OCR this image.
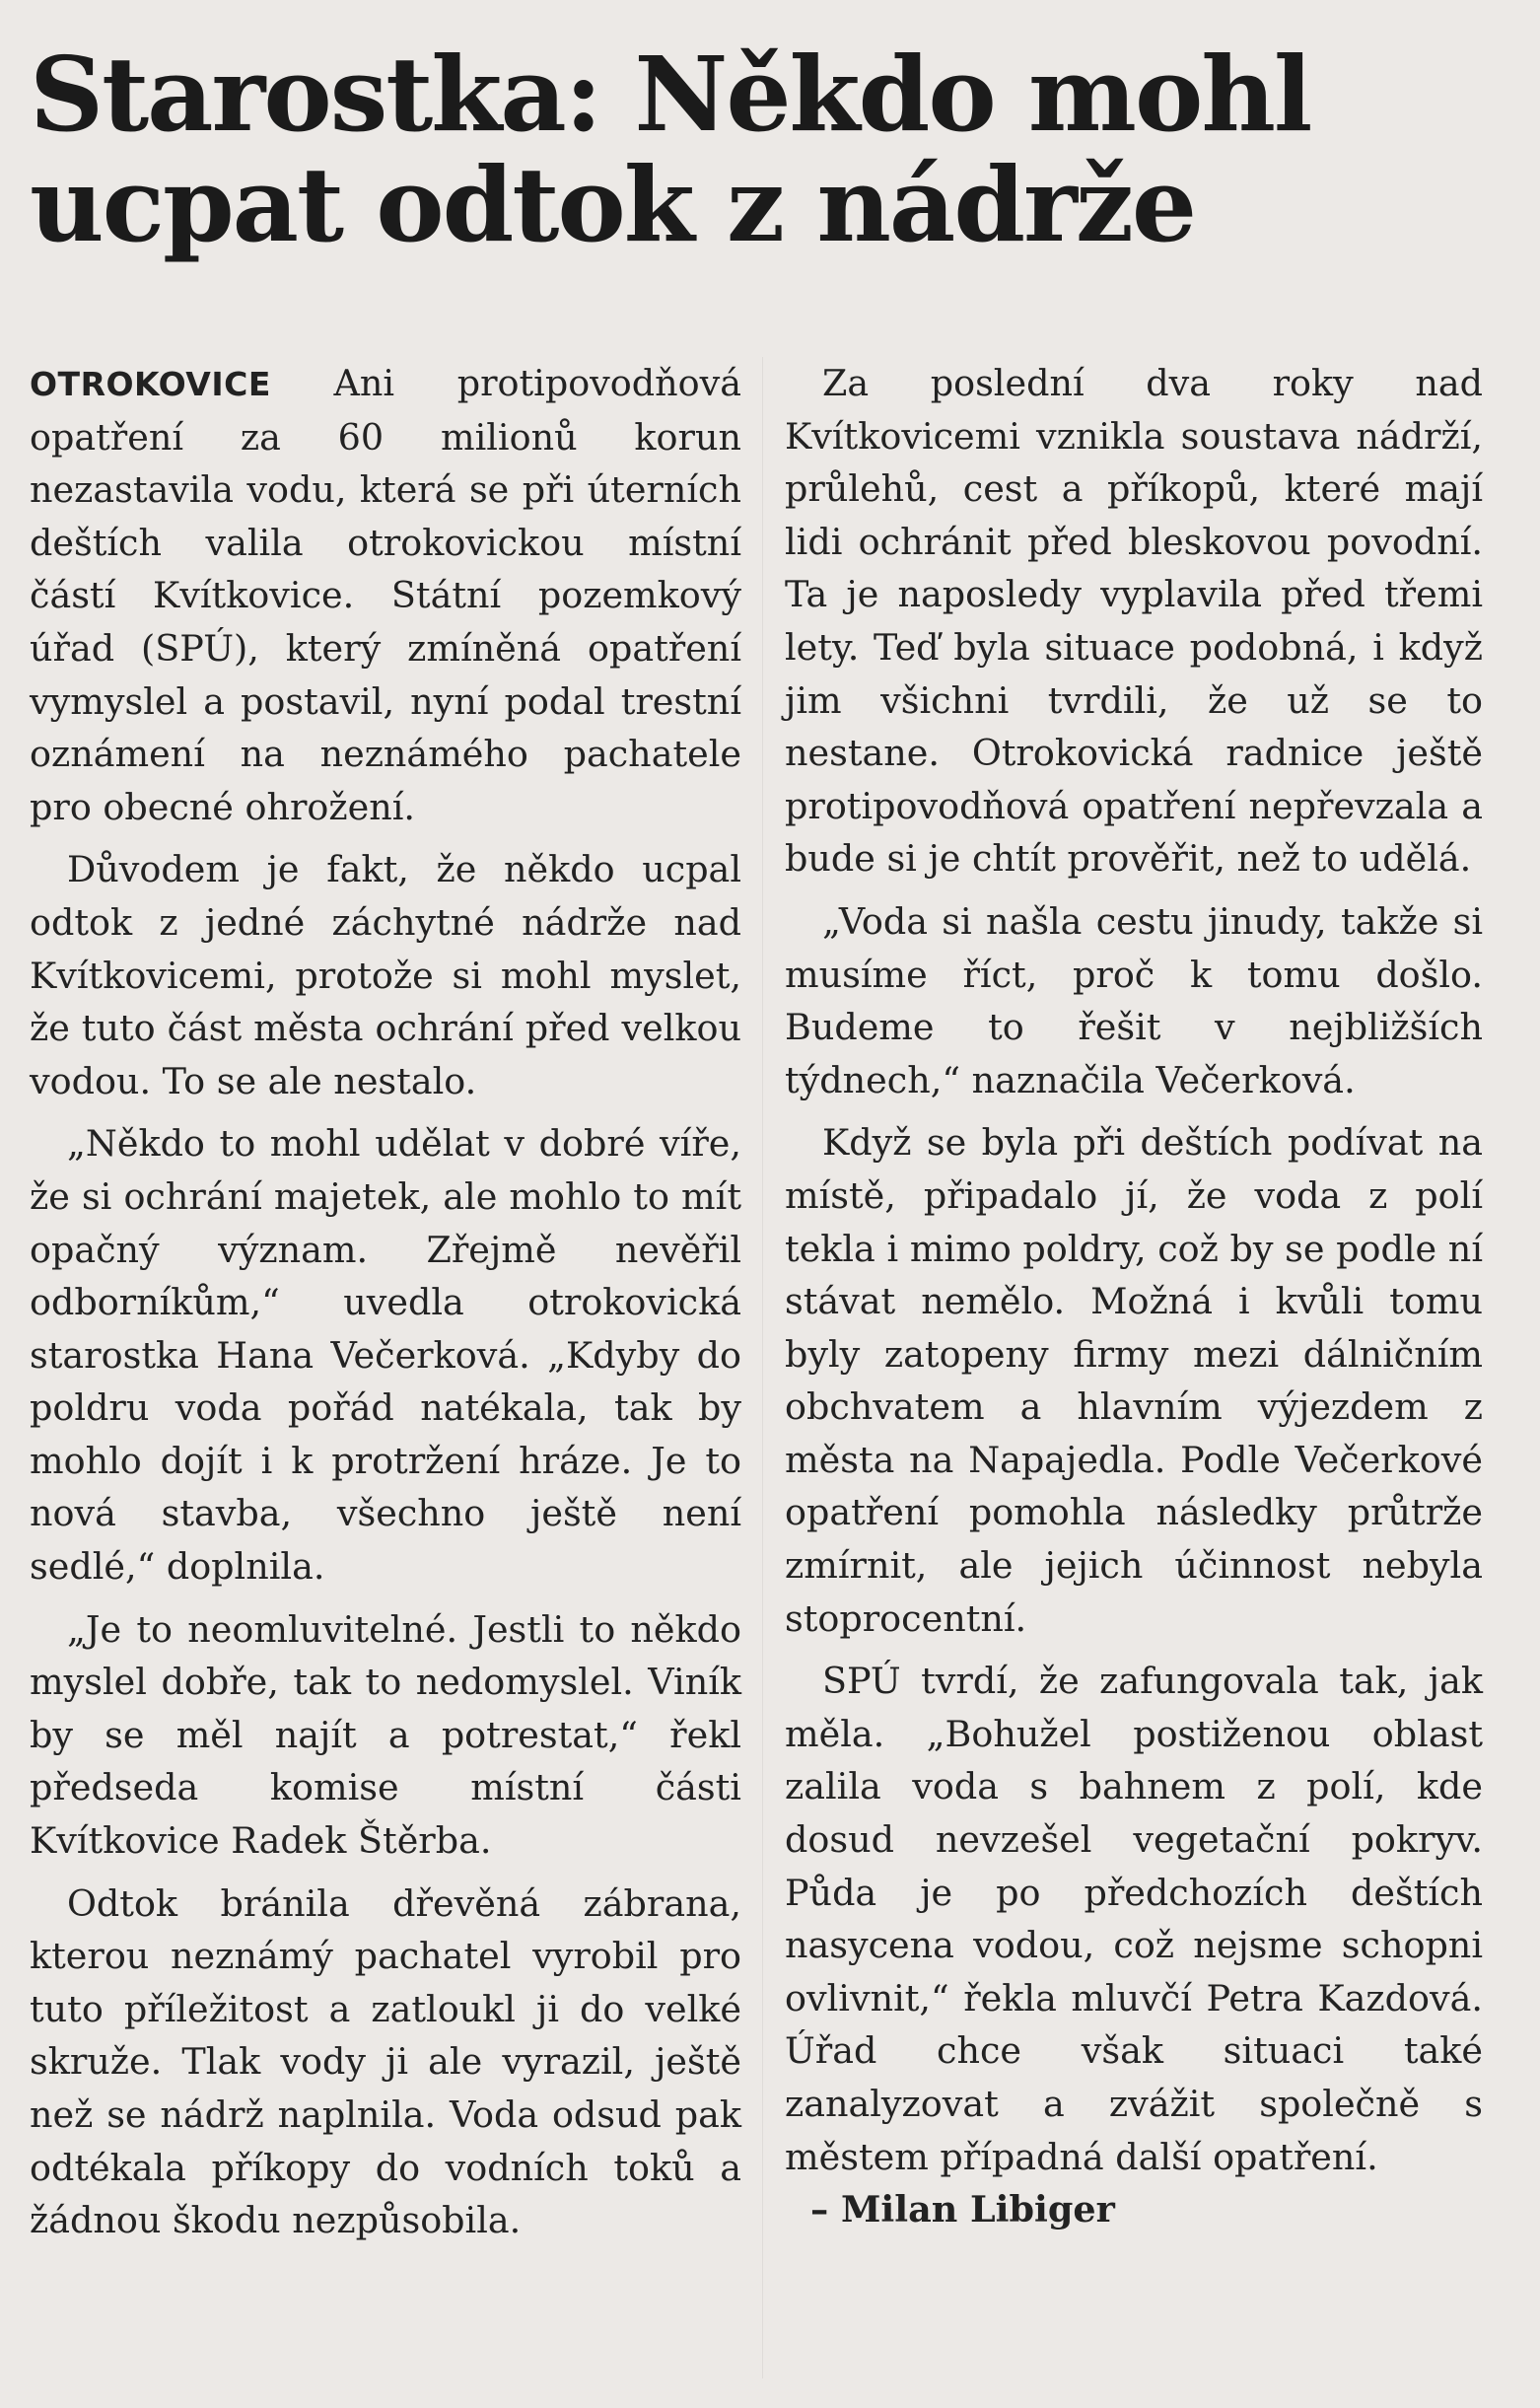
Starostka: Někdo mohl
ucpat odtok z nádrže

OTROKOVICE Ani protipovodňová opatření za 60 milionů korun nezastavila vodu, která se při úterních deštích valila otrokovickou místní částí Kvítkovice. Státní pozemkový úřad (SPÚ), který zmíněná opatření vymyslel a postavil, nyní podal trestní oznámení na neznámého pachatele pro obecné ohrožení.

Důvodem je fakt, že někdo ucpal odtok z jedné záchytné nádrže nad Kvítkovicemi, protože si mohl myslet, že tuto část města ochrání před velkou vodou. To se ale nestalo.

„Někdo to mohl udělat v dobré víře, že si ochrání majetek, ale mohlo to mít opačný význam. Zřejmě nevěřil odborníkům,“ uvedla otrokovická starostka Hana Večerková. „Kdyby do poldru voda pořád natékala, tak by mohlo dojít i k protržení hráze. Je to nová stavba, všechno ještě není sedlé,“ doplnila.

„Je to neomluvitelné. Jestli to někdo myslel dobře, tak to nedomyslel. Viník by se měl najít a potrestat,“ řekl předseda komise místní části Kvítkovice Radek Štěrba.

Odtok bránila dřevěná zábrana, kterou neznámý pachatel vyrobil pro tuto příležitost a zatloukl ji do velké skruže. Tlak vody ji ale vyrazil, ještě než se nádrž naplnila. Voda odsud pak odtékala příkopy do vodních toků a žádnou škodu nezpůsobila.

Za poslední dva roky nad Kvítkovicemi vznikla soustava nádrží, průlehů, cest a příkopů, které mají lidi ochránit před bleskovou povodní. Ta je naposledy vyplavila před třemi lety. Teď byla situace podobná, i když jim všichni tvrdili, že už se to nestane. Otrokovická radnice ještě protipovodňová opatření nepřevzala a bude si je chtít prověřit, než to udělá.

„Voda si našla cestu jinudy, takže si musíme říct, proč k tomu došlo. Budeme to řešit v nejbližších týdnech,“ naznačila Večerková.

Když se byla při deštích podívat na místě, připadalo jí, že voda z polí tekla i mimo poldry, což by se podle ní stávat nemělo. Možná i kvůli tomu byly zatopeny firmy mezi dálničním obchvatem a hlavním výjezdem z města na Napajedla. Podle Večerkové opatření pomohla následky průtrže zmírnit, ale jejich účinnost nebyla stoprocentní.

SPÚ tvrdí, že zafungovala tak, jak měla. „Bohužel postiženou oblast zalila voda s bahnem z polí, kde dosud nevzešel vegetační pokryv. Půda je po předchozích deštích nasycena vodou, což nejsme schopni ovlivnit,“ řekla mluvčí Petra Kazdová. Úřad chce však situaci také zanalyzovat a zvážit společně s městem případná další opatření.

– Milan Libiger
